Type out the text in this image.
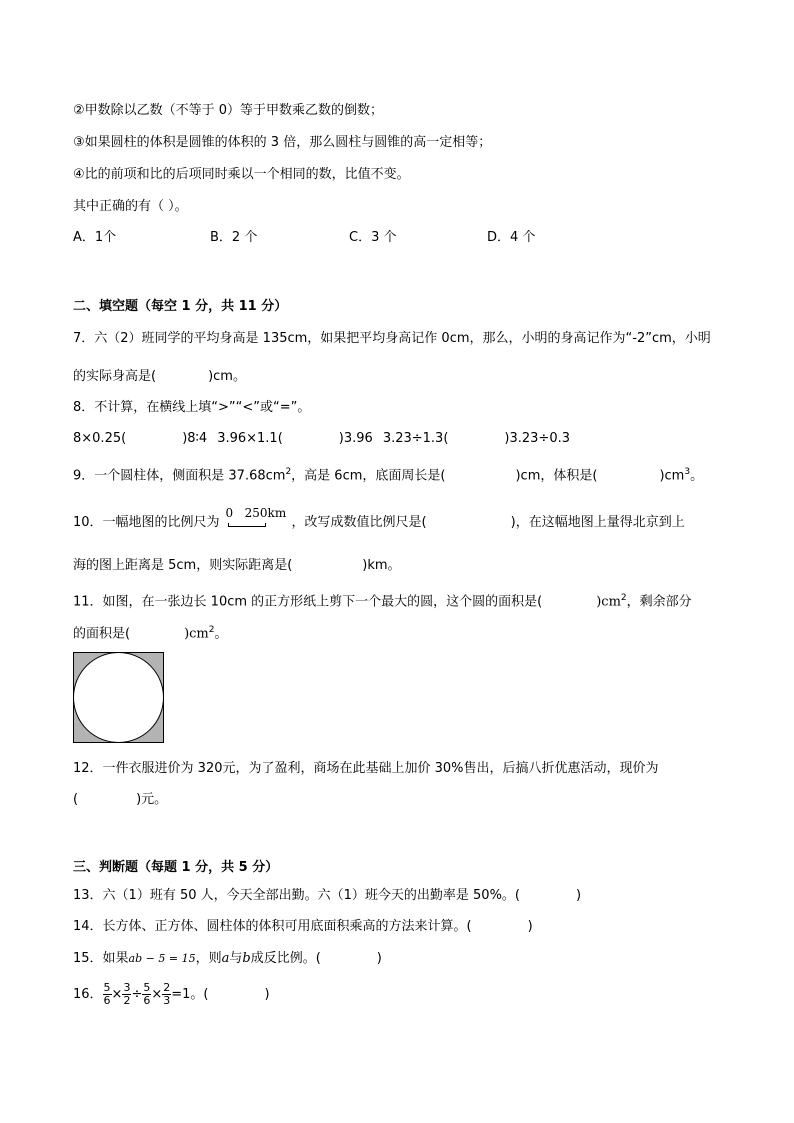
②甲数除以乙数（不等于 0）等于甲数乘乙数的倒数；
③如果圆柱的体积是圆锥的体积的 3 倍，那么圆柱与圆锥的高一定相等；
④比的前项和比的后项同时乘以一个相同的数，比值不变。
其中正确的有（ ）。
A．1个	B．2 个	C．3 个	D．4 个
二、填空题（每空 1 分，共 11 分）
7．六（2）班同学的平均身高是 135cm，如果把平均身高记作 0cm，那么，小明的身高记作为“-2”cm，小明
的实际身高是(	)cm。
8．不计算，在横线上填“>”“<”或“=”。
8×0.25(	)8∶4 3.96×1.1(	)3.96 3.23÷1.3(	)3.23÷0.3
9．一个圆柱体，侧面积是 $37.68cm^2$，高是 6cm，底面周长是(	)cm，体积是(	)$cm^3$。
10．一幅地图的比例尺为
0 250km
，改写成数值比例尺是(	)，在这幅地图上量得北京到上
海的图上距离是 5cm，则实际距离是(	)km。
11．如图，在一张边长 10cm 的正方形纸上剪下一个最大的圆，这个圆的面积是(	)$cm^2$，剩余部分
的面积是(	)$cm^2$。
12．一件衣服进价为 320元，为了盈利，商场在此基础上加价 30%售出，后搞八折优惠活动，现价为
(	)元。
三、判断题（每题 1 分，共 5 分）
13．六（1）班有 50 人，今天全部出勤。六（1）班今天的出勤率是 50%。(	)
14．长方体、正方体、圆柱体的体积可用底面积乘高的方法来计算。(	)
15．如果ab − 5 = 15，则a与b成反比例。(	)
16． $\frac{5}{6} \times \frac{3}{2} \div \frac{5}{6} \times \frac{2}{3} =1$。(	)
